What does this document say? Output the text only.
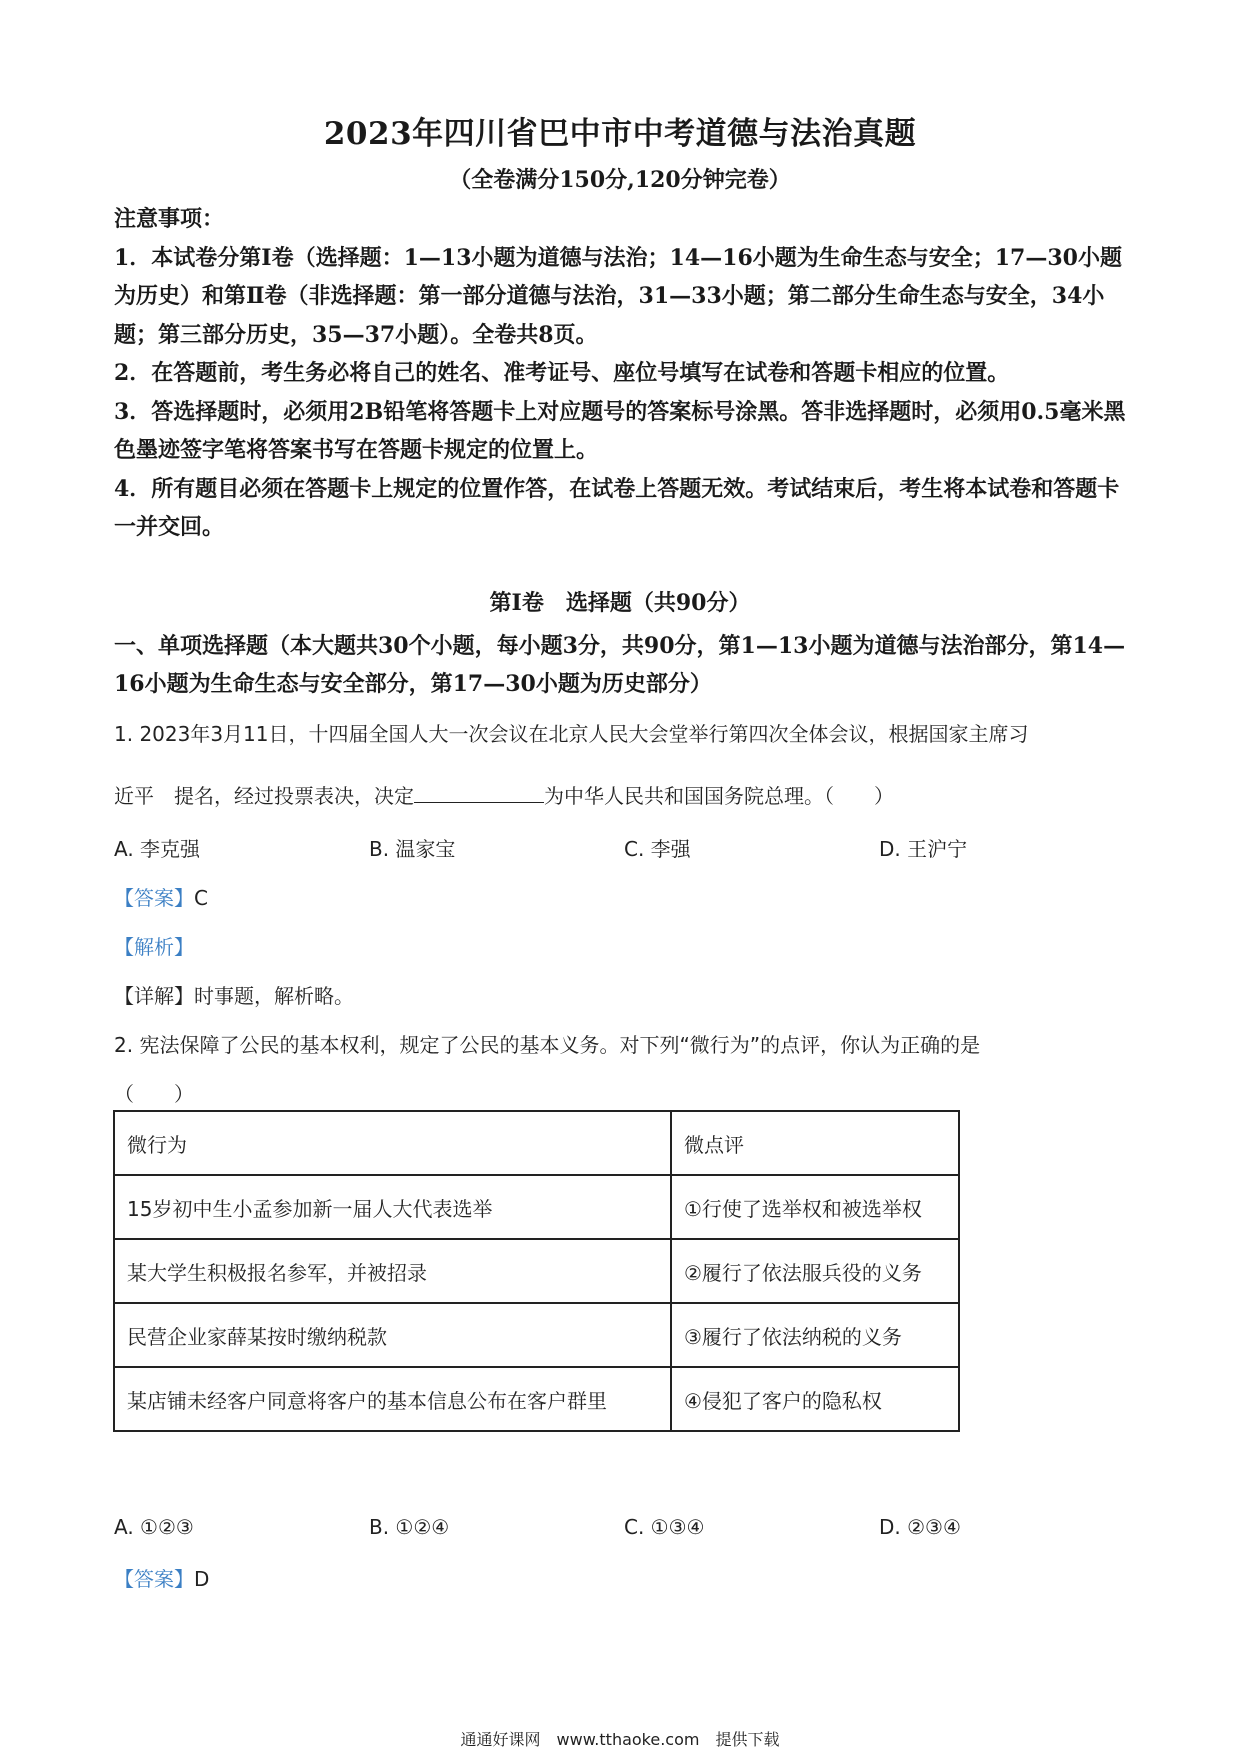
2023年四川省巴中市中考道德与法治真题
（全卷满分150分,120分钟完卷）

注意事项：

1．本试卷分第Ⅰ卷（选择题：1—13小题为道德与法治；14—16小题为生命生态与安全；17—30小题为历史）和第Ⅱ卷（非选择题：第一部分道德与法治，31—33小题；第二部分生命生态与安全，34小题；第三部分历史，35—37小题）。全卷共8页。

2．在答题前，考生务必将自己的姓名、准考证号、座位号填写在试卷和答题卡相应的位置。

3．答选择题时，必须用2B铅笔将答题卡上对应题号的答案标号涂黑。答非选择题时，必须用0.5毫米黑色墨迹签字笔将答案书写在答题卡规定的位置上。

4．所有题目必须在答题卡上规定的位置作答，在试卷上答题无效。考试结束后，考生将本试卷和答题卡一并交回。

第Ⅰ卷　选择题（共90分）
一、单项选择题（本大题共30个小题，每小题3分，共90分，第1—13小题为道德与法治部分，第14—16小题为生命生态与安全部分，第17—30小题为历史部分）
1. 2023年3月11日，十四届全国人大一次会议在北京人民大会堂举行第四次全体会议，根据国家主席习
近平　提名，经过投票表决，决定	为中华人民共和国国务院总理。（　　）
A. 李克强	B. 温家宝	C. 李强	D. 王沪宁
【答案】C
【解析】
【详解】时事题，解析略。
2. 宪法保障了公民的基本权利，规定了公民的基本义务。对下列“微行为”的点评，你认为正确的是
（　　）
微行为	微点评
15岁初中生小孟参加新一届人大代表选举	①行使了选举权和被选举权
某大学生积极报名参军，并被招录	②履行了依法服兵役的义务
民营企业家薛某按时缴纳税款	③履行了依法纳税的义务
某店铺未经客户同意将客户的基本信息公布在客户群里	④侵犯了客户的隐私权
A. ①②③	B. ①②④	C. ①③④	D. ②③④
【答案】D
通通好课网　www.tthaoke.com　提供下载
